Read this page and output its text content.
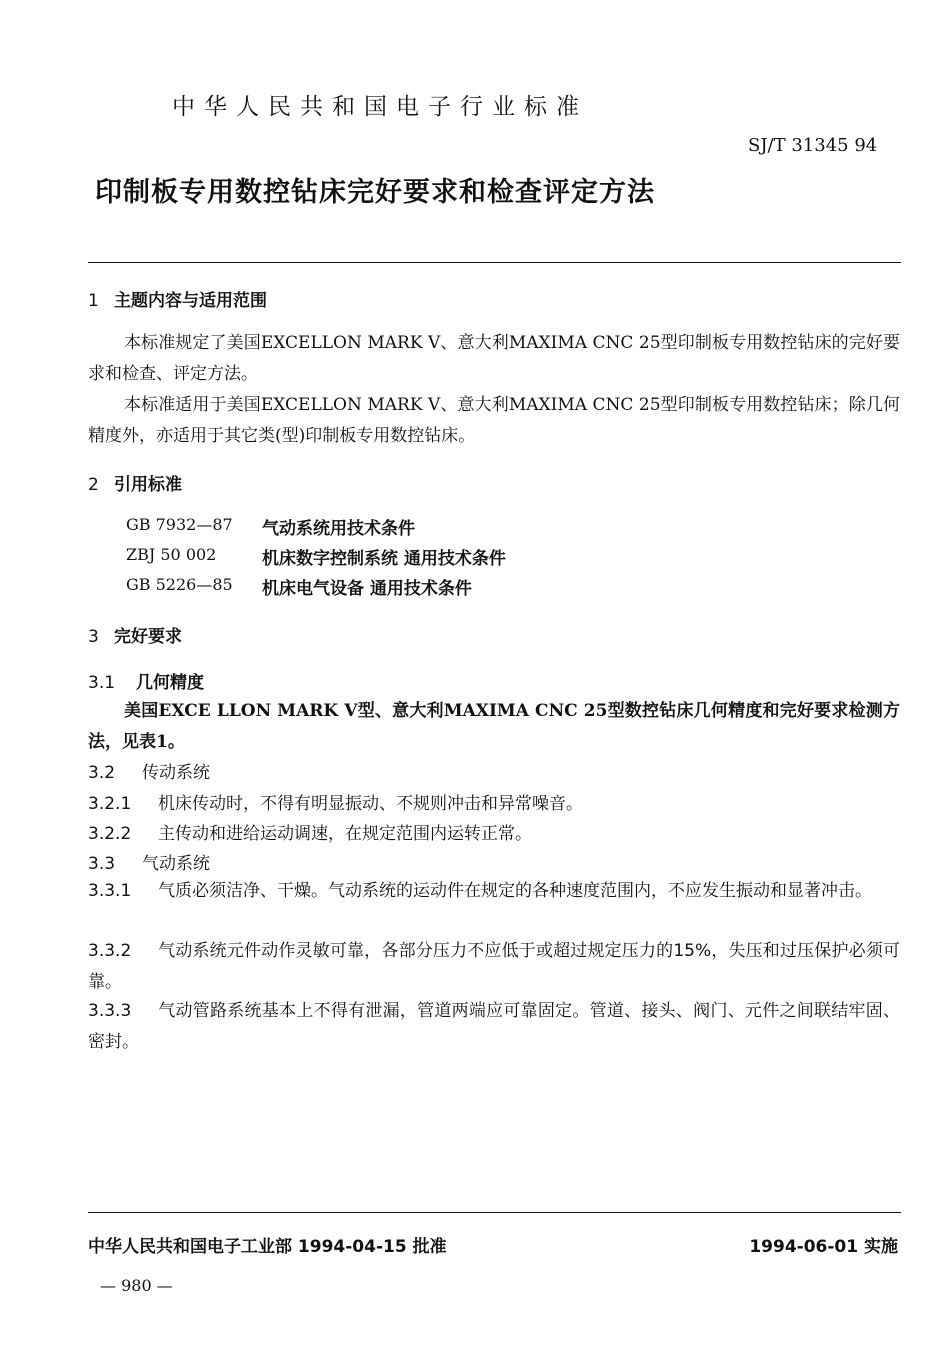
中华人民共和国电子行业标准
SJ/T 31345 94
印制板专用数控钻床完好要求和检查评定方法
1 主题内容与适用范围
本标准规定了美国EXCELLON MARK Ⅴ、意大利MAXIMA CNC 25型印制板专用数控钻床的完好要求和检查、评定方法。
本标准适用于美国EXCELLON MARK Ⅴ、意大利MAXIMA CNC 25型印制板专用数控钻床；除几何精度外，亦适用于其它类(型)印制板专用数控钻床。
2 引用标准
GB 7932—87 气动系统用技术条件
ZBJ 50 002	机床数字控制系统 通用技术条件
GB 5226—85 机床电气设备 通用技术条件
3 完好要求
3.1 几何精度
美国EXCE LLON MARK Ⅴ型、意大利MAXIMA CNC 25型数控钻床几何精度和完好要求检测方法，见表1。
3.2 传动系统
3.2.1 机床传动时，不得有明显振动、不规则冲击和异常噪音。
3.2.2 主传动和进给运动调速，在规定范围内运转正常。
3.3 气动系统
3.3.1 气质必须洁净、干燥。气动系统的运动件在规定的各种速度范围内，不应发生振动和显著冲击。
3.3.2 气动系统元件动作灵敏可靠，各部分压力不应低于或超过规定压力的15%，失压和过压保护必须可靠。
3.3.3 气动管路系统基本上不得有泄漏，管道两端应可靠固定。管道、接头、阀门、元件之间联结牢固、密封。
中华人民共和国电子工业部 1994-04-15 批准	1994-06-01 实施
— 980 —
